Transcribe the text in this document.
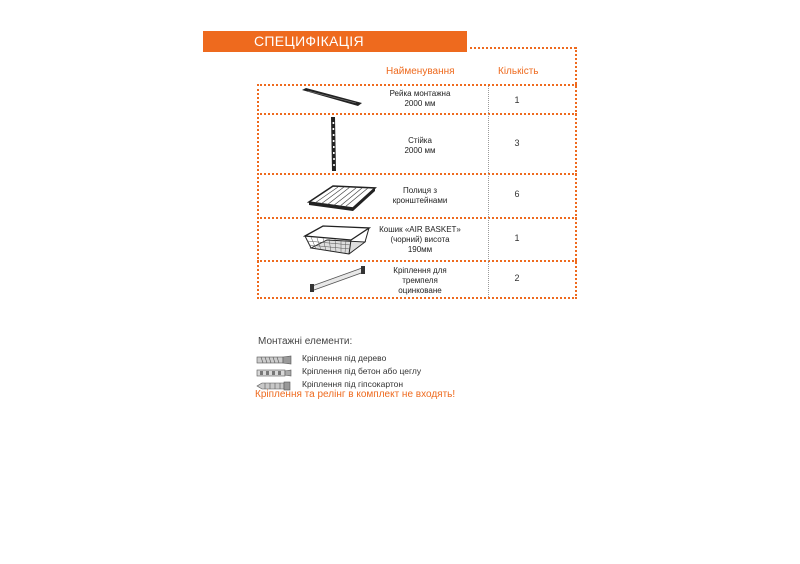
СПЕЦИФІКАЦІЯ
Найменування	Кількість
Рейка монтажна
2000 мм	1
Стійка
2000 мм
3
Полиця з
кронштейнами
6
Кошик «AIR BASKET»
(чорний) висота
190мм
1
Кріплення для
тремпеля
оцинковане
2
Монтажні елементи:
Кріплення під дерево
Кріплення під бетон або цеглу
Кріплення під гіпсокартон
Кріплення та релінг в комплект не входять!
